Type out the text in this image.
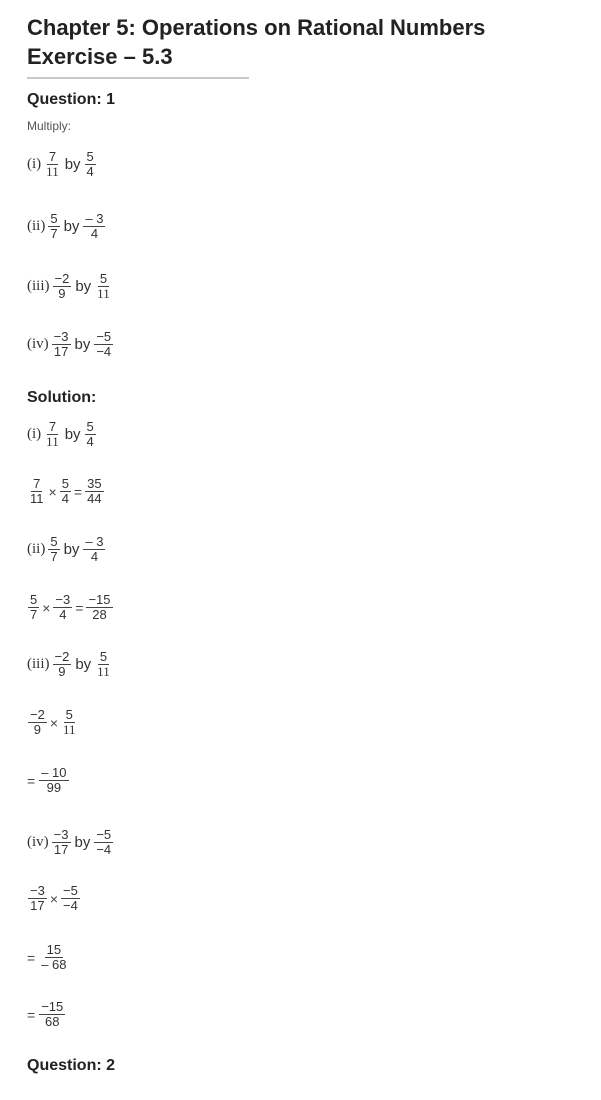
Chapter 5: Operations on Rational Numbers
Exercise – 5.3
Question: 1
Multiply:
$(i) \frac{7}{11}$ by $\frac{5}{4}$
$(ii) \frac{5}{7}$ by $\frac{- 3}{4}$
$(iii) \frac{-2}{9}$ by $\frac{5}{11}$
$(iv) \frac{-3}{17}$ by $\frac{-5}{-4}$
Solution:
$(i) \frac{7}{11}$ by $\frac{5}{4}$
$\frac{7}{11} \times \frac{5}{4} = \frac{35}{44}$
$(ii) \frac{5}{7}$ by $\frac{- 3}{4}$
$\frac{5}{7} \times \frac{-3}{4} = \frac{-15}{28}$
$(iii) \frac{-2}{9}$ by $\frac{5}{11}$
$\frac{-2}{9} \times \frac{5}{11}$
= $\frac{- 10}{99}$
$(iv) \frac{-3}{17}$ by $\frac{-5}{-4}$
$\frac{-3}{17} \times \frac{-5}{-4}$
= $\frac{15}{- 68}$
= $\frac{-15}{68}$
Question: 2
